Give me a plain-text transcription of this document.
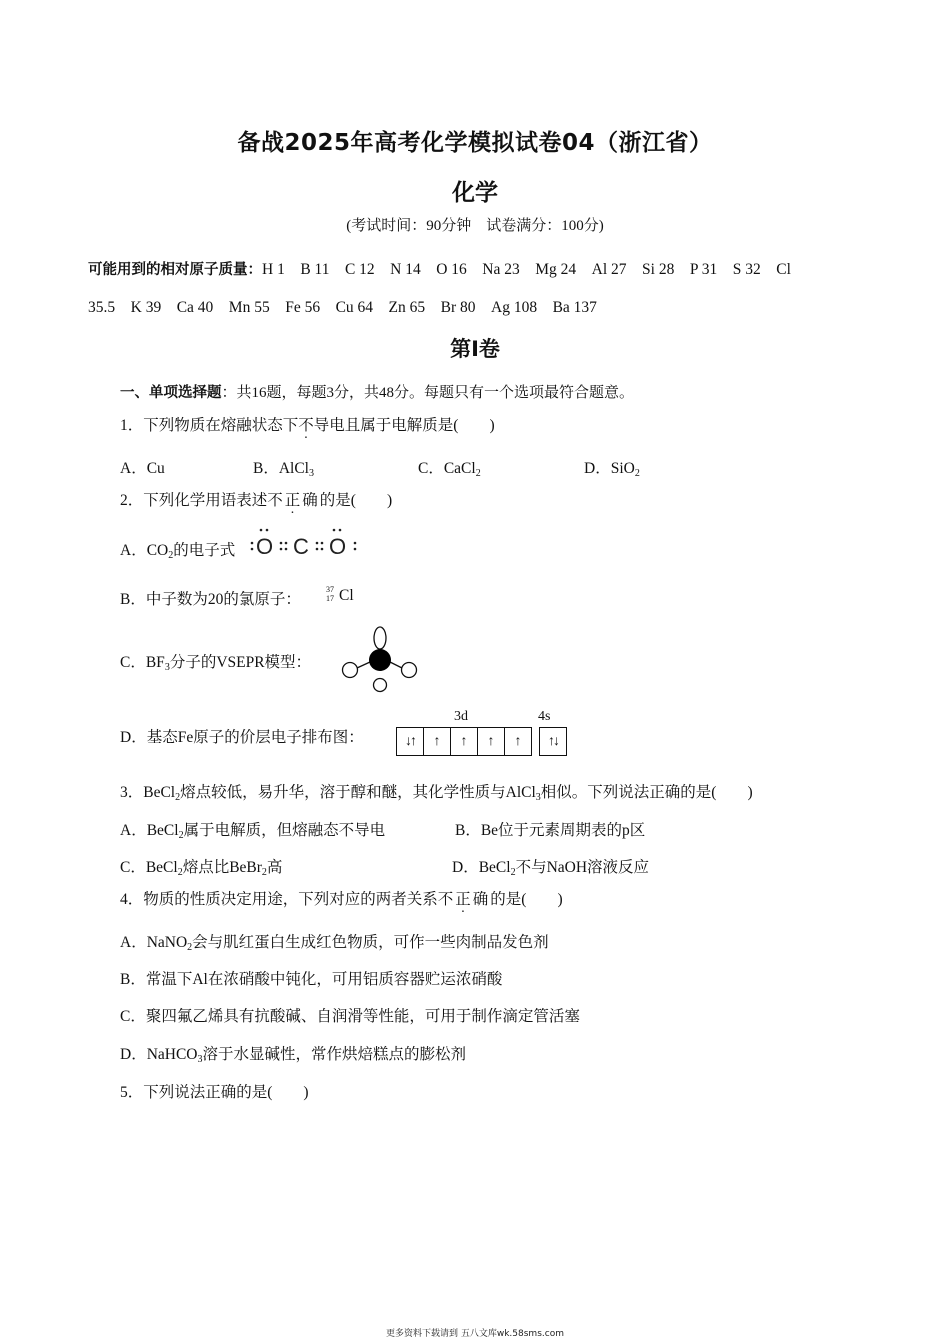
备战2025年高考化学模拟试卷04（浙江省）
化学
(考试时间：90分钟　试卷满分：100分)
可能用到的相对原子质量：H 1　B 11　C 12　N 14　O 16　Na 23　Mg 24　Al 27　Si 28　P 31　S 32　Cl
35.5　K 39　Ca 40　Mn 55　Fe 56　Cu 64　Zn 65　Br 80　Ag 108　Ba 137
第Ⅰ卷
一、单项选择题：共16题，每题3分，共48分。每题只有一个选项最符合题意。
1．下列物质在熔融状态下不导电且属于电解质是(　　)
A．Cu	B．AlCl$_3$	C．CaCl$_2$	D．SiO$_2$
2．下列化学用语表述不正确的是(　　)
A．$CO_2$的电子式 O C O
B．中子数为20的氯原子：
37
17 Cl
C．$BF_3$分子的VSEPR模型：
D．基态Fe原子的价层电子排布图：
3d	4s
↓↑	↑	↑	↑	↑	↑↓
3．BeCl$_2$熔点较低，易升华，溶于醇和醚，其化学性质与AlCl$_3$相似。下列说法正确的是(　　)
A．BeCl$_2$属于电解质，但熔融态不导电	B．Be位于元素周期表的p区
C．BeCl$_2$熔点比BeBr$_2$高	D．BeCl$_2$不与NaOH溶液反应
4．物质的性质决定用途，下列对应的两者关系不正确的是(　　)
A．NaNO$_2$会与肌红蛋白生成红色物质，可作一些肉制品发色剂
B．常温下Al在浓硝酸中钝化，可用铝质容器贮运浓硝酸
C．聚四氟乙烯具有抗酸碱、自润滑等性能，可用于制作滴定管活塞
D．NaHCO$_3$溶于水显碱性，常作烘焙糕点的膨松剂
5．下列说法正确的是(　　)
更多资料下载请到 五八文库wk.58sms.com
